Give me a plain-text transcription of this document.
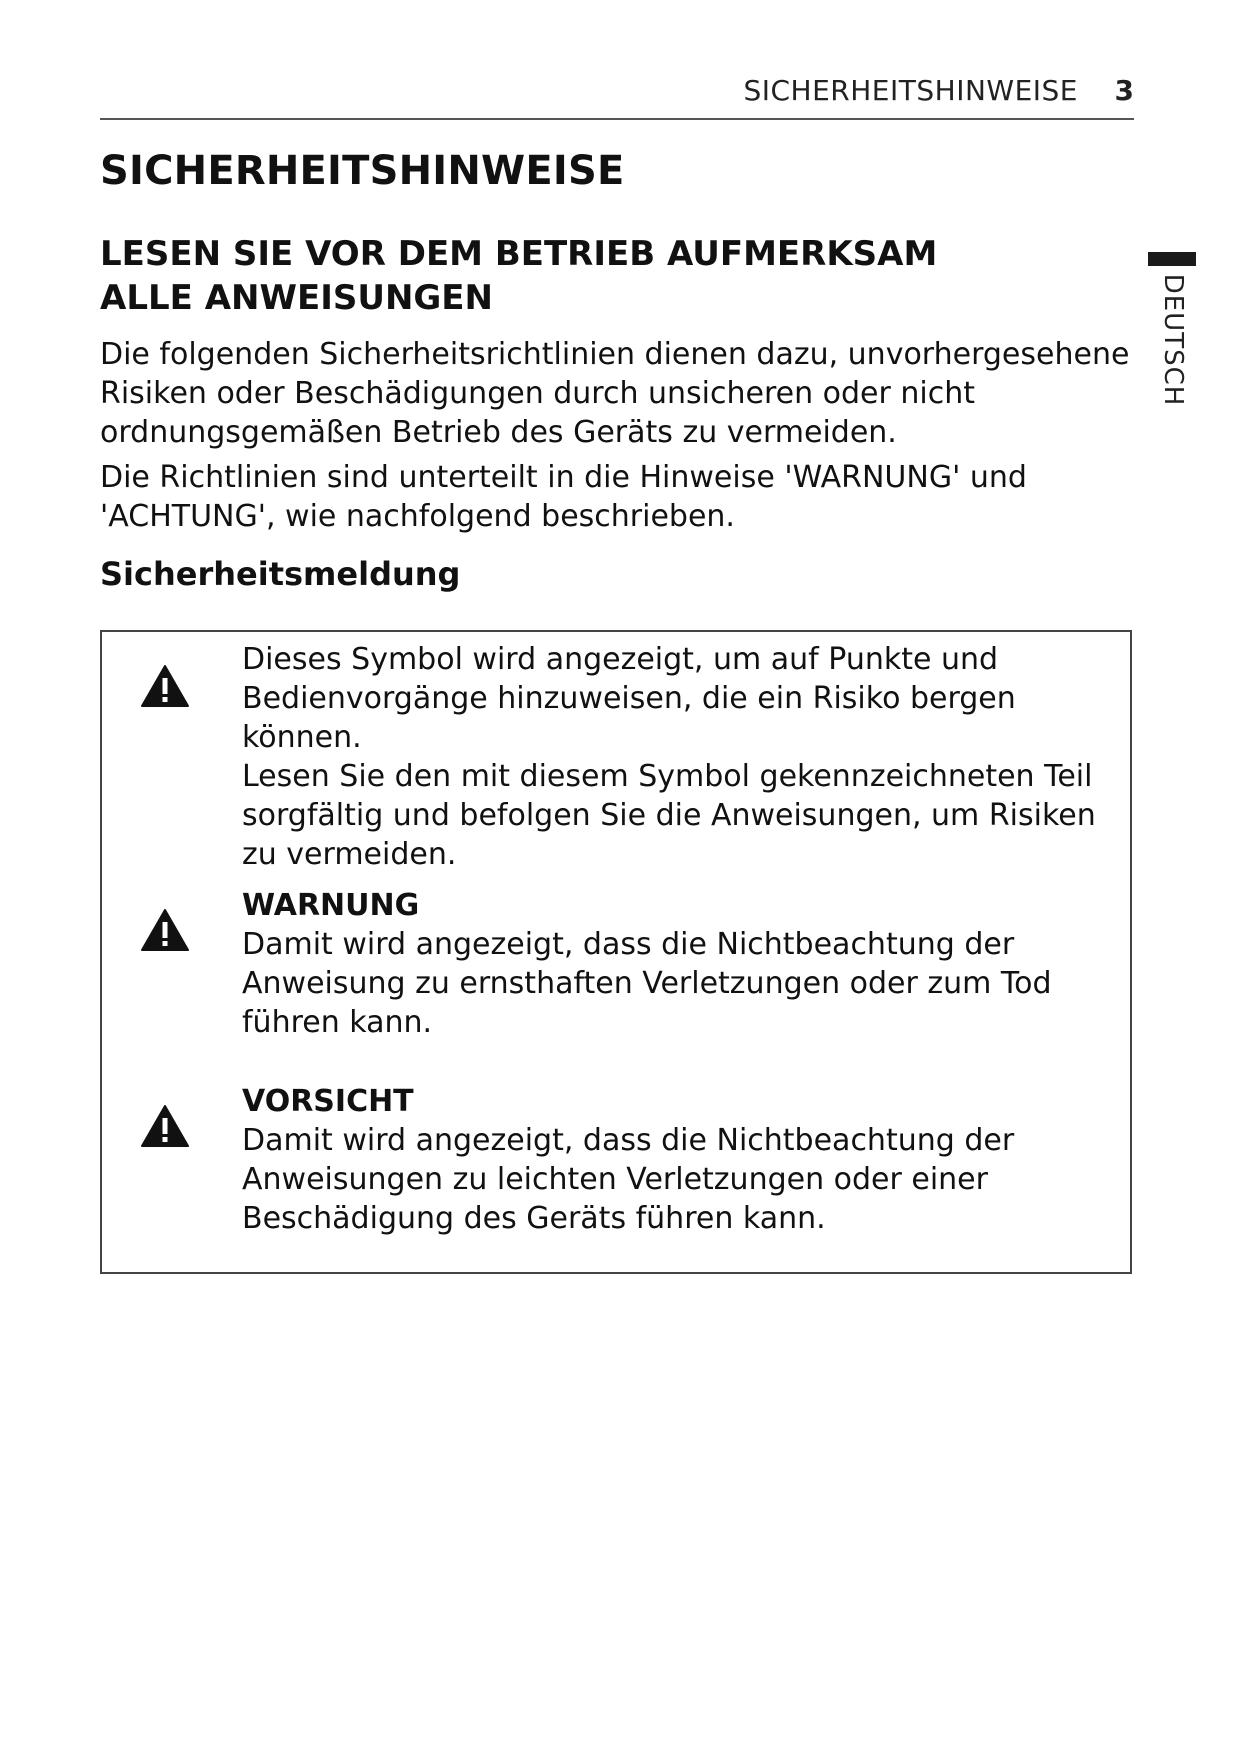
SICHERHEITSHINWEISE 3
DEUTSCH
SICHERHEITSHINWEISE
LESEN SIE VOR DEM BETRIEB AUFMERKSAM ALLE ANWEISUNGEN

Die folgenden Sicherheitsrichtlinien dienen dazu, unvorhergesehene Risiken oder Beschädigungen durch unsicheren oder nicht ordnungsgemäßen Betrieb des Geräts zu vermeiden.

Die Richtlinien sind unterteilt in die Hinweise 'WARNUNG' und 'ACHTUNG', wie nachfolgend beschrieben.

Sicherheitsmeldung

Dieses Symbol wird angezeigt, um auf Punkte und Bedienvorgänge hinzuweisen, die ein Risiko bergen können.

Lesen Sie den mit diesem Symbol gekennzeichneten Teil sorgfältig und befolgen Sie die Anweisungen, um Risiken zu vermeiden.

WARNUNG

Damit wird angezeigt, dass die Nichtbeachtung der Anweisung zu ernsthaften Verletzungen oder zum Tod führen kann.

VORSICHT

Damit wird angezeigt, dass die Nichtbeachtung der Anweisungen zu leichten Verletzungen oder einer Beschädigung des Geräts führen kann.
